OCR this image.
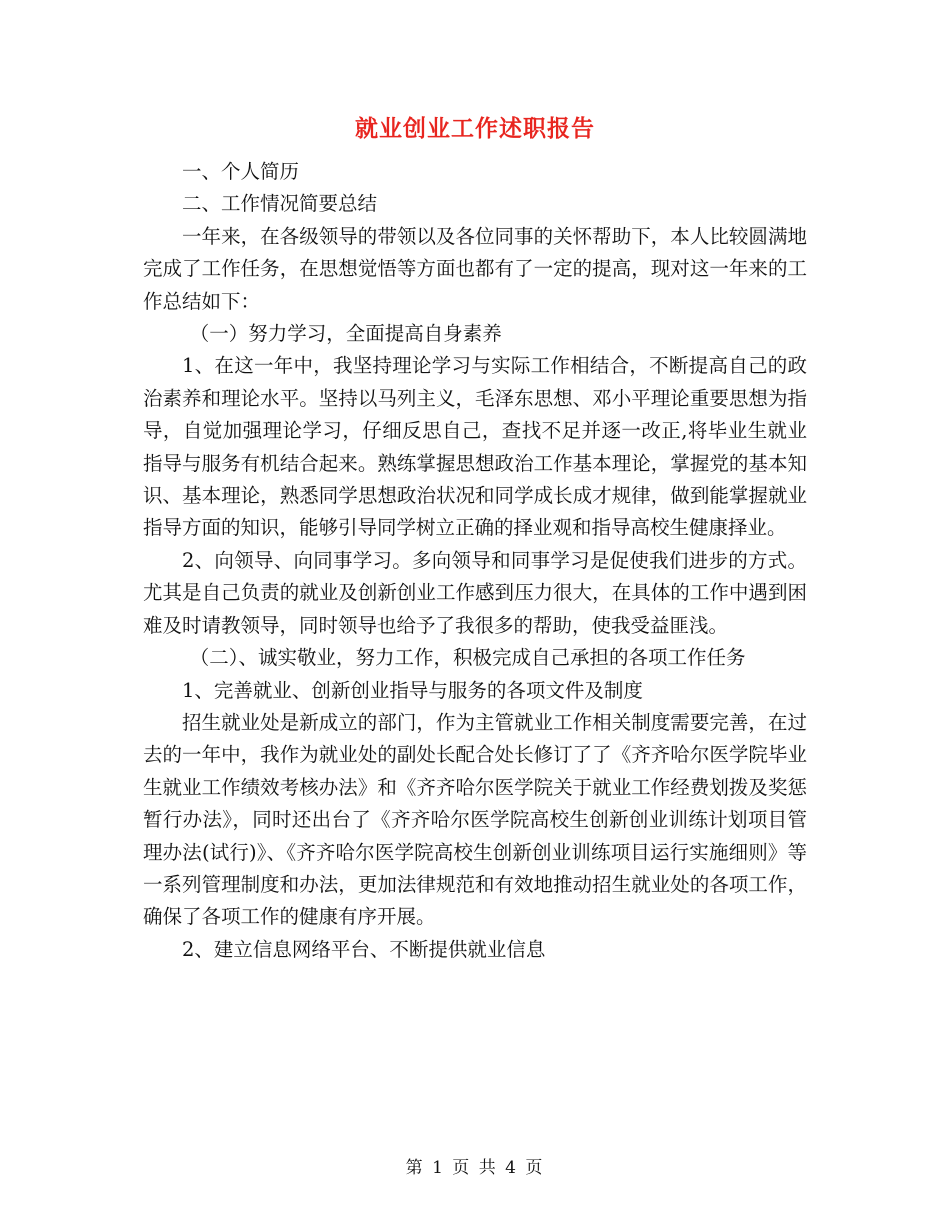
就业创业工作述职报告

一、个人简历

二、工作情况简要总结

一年来，在各级领导的带领以及各位同事的关怀帮助下，本人比较圆满地完成了工作任务，在思想觉悟等方面也都有了一定的提高，现对这一年来的工作总结如下：

（一）努力学习，全面提高自身素养

1、在这一年中，我坚持理论学习与实际工作相结合，不断提高自己的政治素养和理论水平。坚持以马列主义，毛泽东思想、邓小平理论重要思想为指导，自觉加强理论学习，仔细反思自己，查找不足并逐一改正,将毕业生就业指导与服务有机结合起来。熟练掌握思想政治工作基本理论，掌握党的基本知识、基本理论，熟悉同学思想政治状况和同学成长成才规律，做到能掌握就业指导方面的知识，能够引导同学树立正确的择业观和指导高校生健康择业。

2、向领导、向同事学习。多向领导和同事学习是促使我们进步的方式。尤其是自己负责的就业及创新创业工作感到压力很大，在具体的工作中遇到困难及时请教领导，同时领导也给予了我很多的帮助，使我受益匪浅。

（二）、诚实敬业，努力工作，积极完成自己承担的各项工作任务

1、完善就业、创新创业指导与服务的各项文件及制度

招生就业处是新成立的部门，作为主管就业工作相关制度需要完善，在过去的一年中，我作为就业处的副处长配合处长修订了了《齐齐哈尔医学院毕业生就业工作绩效考核办法》和《齐齐哈尔医学院关于就业工作经费划拨及奖惩暂行办法》，同时还出台了《齐齐哈尔医学院高校生创新创业训练计划项目管理办法(试行)》、《齐齐哈尔医学院高校生创新创业训练项目运行实施细则》等一系列管理制度和办法，更加法律规范和有效地推动招生就业处的各项工作，确保了各项工作的健康有序开展。

2、建立信息网络平台、不断提供就业信息

第 1 页 共 4 页
